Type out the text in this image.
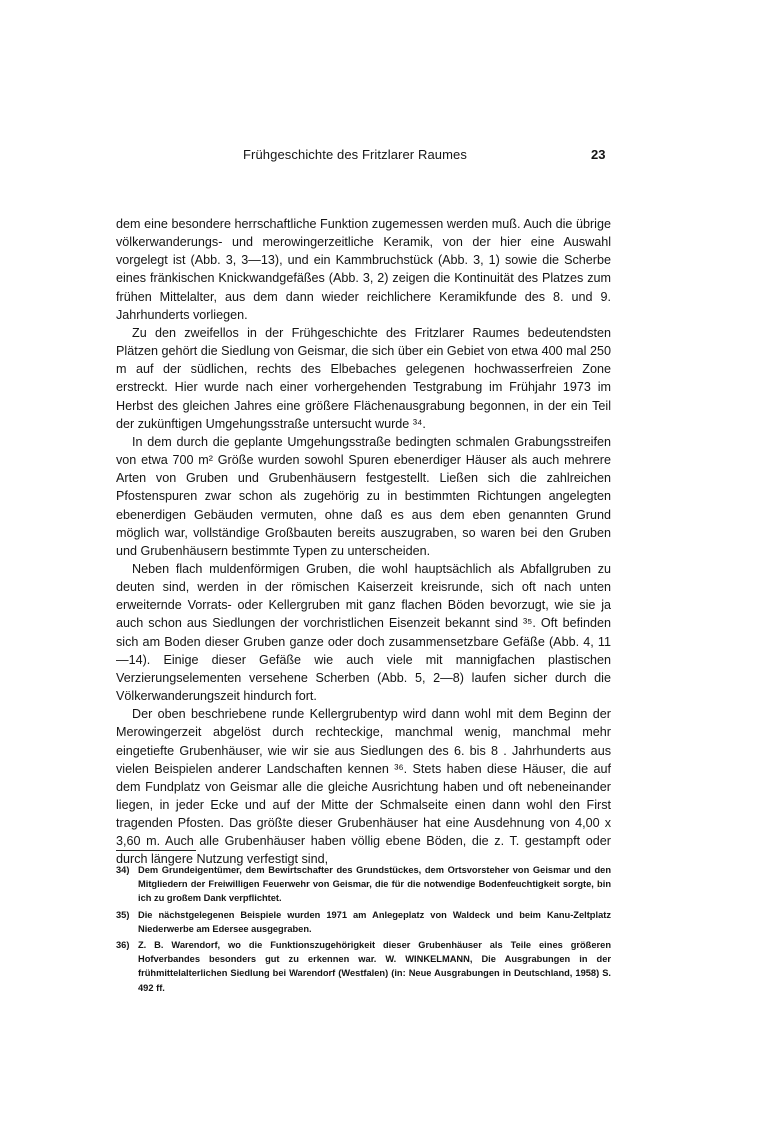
Frühgeschichte des Fritzlarer Raumes	23

dem eine besondere herrschaftliche Funktion zugemessen werden muß. Auch die übrige völkerwanderungs- und merowingerzeitliche Keramik, von der hier eine Auswahl vorgelegt ist (Abb. 3, 3—13), und ein Kammbruchstück (Abb. 3, 1) sowie die Scherbe eines fränkischen Knickwandgefäßes (Abb. 3, 2) zeigen die Kontinuität des Platzes zum frühen Mittelalter, aus dem dann wieder reichlichere Keramikfunde des 8. und 9. Jahrhunderts vorliegen.

Zu den zweifellos in der Frühgeschichte des Fritzlarer Raumes bedeutendsten Plätzen gehört die Siedlung von Geismar, die sich über ein Gebiet von etwa 400 mal 250 m auf der südlichen, rechts des Elbebaches gelegenen hochwasserfreien Zone erstreckt. Hier wurde nach einer vorhergehenden Testgrabung im Frühjahr 1973 im Herbst des gleichen Jahres eine größere Flächenausgrabung begonnen, in der ein Teil der zukünftigen Umgehungsstraße untersucht wurde ³⁴.

In dem durch die geplante Umgehungsstraße bedingten schmalen Grabungsstreifen von etwa 700 m² Größe wurden sowohl Spuren ebenerdiger Häuser als auch mehrere Arten von Gruben und Grubenhäusern festgestellt. Ließen sich die zahlreichen Pfostenspuren zwar schon als zugehörig zu in bestimmten Richtungen angelegten ebenerdigen Gebäuden vermuten, ohne daß es aus dem eben genannten Grund möglich war, vollständige Großbauten bereits auszugraben, so waren bei den Gruben und Grubenhäusern bestimmte Typen zu unterscheiden.

Neben flach muldenförmigen Gruben, die wohl hauptsächlich als Abfallgruben zu deuten sind, werden in der römischen Kaiserzeit kreisrunde, sich oft nach unten erweiternde Vorrats- oder Kellergruben mit ganz flachen Böden bevorzugt, wie sie ja auch schon aus Siedlungen der vorchristlichen Eisenzeit bekannt sind ³⁵. Oft befinden sich am Boden dieser Gruben ganze oder doch zusammensetzbare Gefäße (Abb. 4, 11—14). Einige dieser Gefäße wie auch viele mit mannigfachen plastischen Verzierungselementen versehene Scherben (Abb. 5, 2—8) laufen sicher durch die Völkerwanderungszeit hindurch fort.

Der oben beschriebene runde Kellergrubentyp wird dann wohl mit dem Beginn der Merowingerzeit abgelöst durch rechteckige, manchmal wenig, manchmal mehr eingetiefte Grubenhäuser, wie wir sie aus Siedlungen des 6. bis 8 . Jahrhunderts aus vielen Beispielen anderer Landschaften kennen ³⁶. Stets haben diese Häuser, die auf dem Fundplatz von Geismar alle die gleiche Ausrichtung haben und oft nebeneinander liegen, in jeder Ecke und auf der Mitte der Schmalseite einen dann wohl den First tragenden Pfosten. Das größte dieser Grubenhäuser hat eine Ausdehnung von 4,00 x 3,60 m. Auch alle Grubenhäuser haben völlig ebene Böden, die z. T. gestampft oder durch längere Nutzung verfestigt sind,

34) Dem Grundeigentümer, dem Bewirtschafter des Grundstückes, dem Ortsvorsteher von Geismar und den Mitgliedern der Freiwilligen Feuerwehr von Geismar, die für die notwendige Bodenfeuchtigkeit sorgte, bin ich zu großem Dank verpflichtet.
35) Die nächstgelegenen Beispiele wurden 1971 am Anlegeplatz von Waldeck und beim Kanu-Zeltplatz Niederwerbe am Edersee ausgegraben.
36) Z. B. Warendorf, wo die Funktionszugehörigkeit dieser Grubenhäuser als Teile eines größeren Hofverbandes besonders gut zu erkennen war. W. WINKELMANN, Die Ausgrabungen in der frühmittelalterlichen Siedlung bei Warendorf (Westfalen) (in: Neue Ausgrabungen in Deutschland, 1958) S. 492 ff.
